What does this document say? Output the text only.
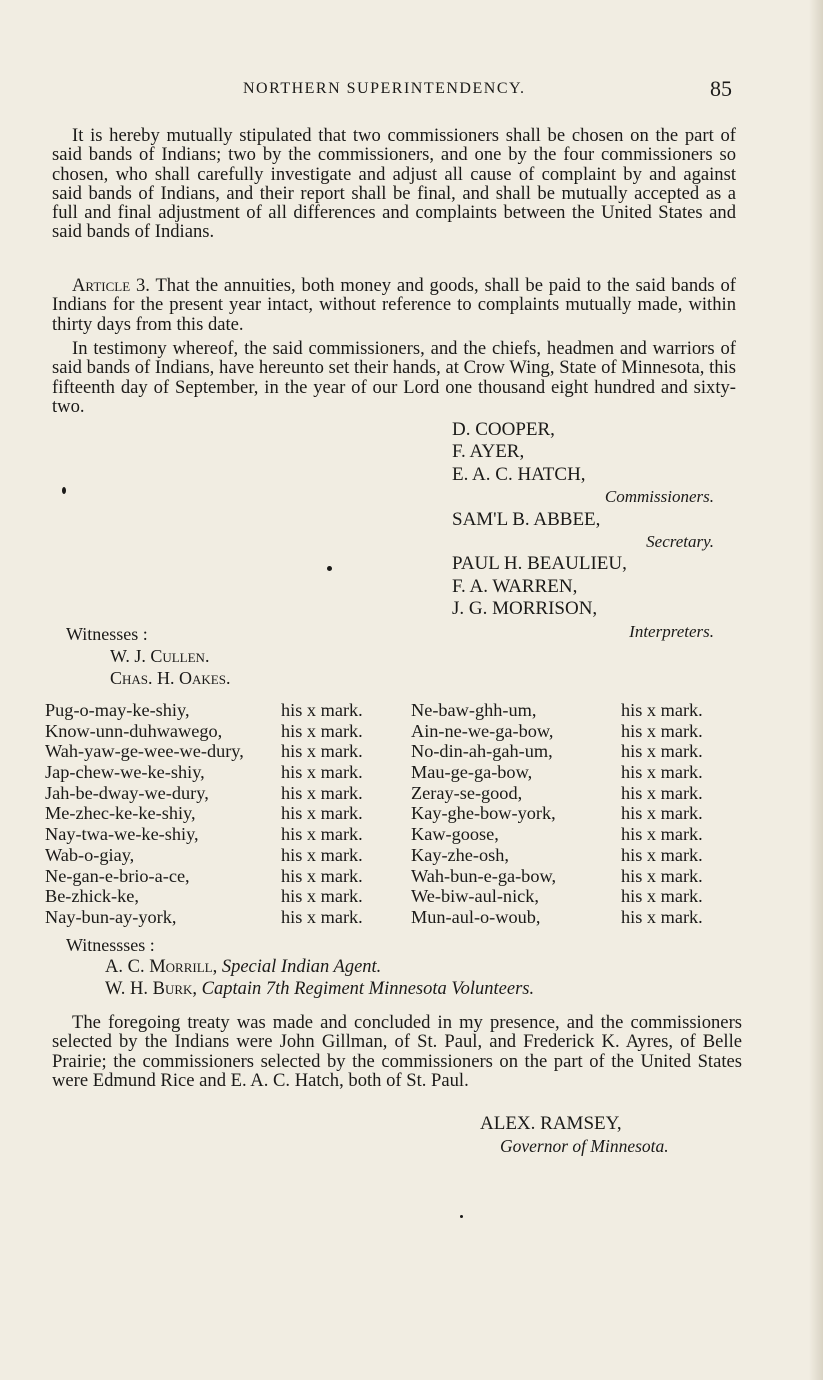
NORTHERN SUPERINTENDENCY.	85

It is hereby mutually stipulated that two commissioners shall be chosen on the part of said bands of Indians; two by the commissioners, and one by the four commissioners so chosen, who shall carefully investigate and adjust all cause of complaint by and against said bands of Indians, and their report shall be final, and shall be mutually accepted as a full and final adjustment of all differences and complaints between the United States and said bands of Indians.

Article 3. That the annuities, both money and goods, shall be paid to the said bands of Indians for the present year intact, without reference to complaints mutually made, within thirty days from this date.

In testimony whereof, the said commissioners, and the chiefs, headmen and warriors of said bands of Indians, have hereunto set their hands, at Crow Wing, State of Minnesota, this fifteenth day of September, in the year of our Lord one thousand eight hundred and sixty-two.

D. COOPER,
F. AYER,
E. A. C. HATCH,
Commissioners.
SAM'L B. ABBEE,
Secretary.
PAUL H. BEAULIEU,
F. A. WARREN,
J. G. MORRISON,
Interpreters.
Witnesses :
W. J. Cullen.
Chas. H. Oakes.
Pug-o-may-ke-shiy,	his x mark.	Ne-baw-ghh-um,	his x mark.
Know-unn-duhwawego,	his x mark.	Ain-ne-we-ga-bow,	his x mark.
Wah-yaw-ge-wee-we-dury, his x mark.	No-din-ah-gah-um,	his x mark.
Jap-chew-we-ke-shiy,	his x mark.	Mau-ge-ga-bow,	his x mark.
Jah-be-dway-we-dury,	his x mark.	Zeray-se-good,	his x mark.
Me-zhec-ke-ke-shiy,	his x mark.	Kay-ghe-bow-york,	his x mark.
Nay-twa-we-ke-shiy,	his x mark.	Kaw-goose,	his x mark.
Wab-o-giay,	his x mark.	Kay-zhe-osh,	his x mark.
Ne-gan-e-brio-a-ce,	his x mark.	Wah-bun-e-ga-bow,	his x mark.
Be-zhick-ke,	his x mark.	We-biw-aul-nick,	his x mark.
Nay-bun-ay-york,	his x mark.	Mun-aul-o-woub,	his x mark.
Witnessses :
A. C. Morrill, Special Indian Agent.
W. H. Burk, Captain 7th Regiment Minnesota Volunteers.

The foregoing treaty was made and concluded in my presence, and the commissioners selected by the Indians were John Gillman, of St. Paul, and Frederick K. Ayres, of Belle Prairie; the commissioners selected by the commissioners on the part of the United States were Edmund Rice and E. A. C. Hatch, both of St. Paul.

ALEX. RAMSEY,
Governor of Minnesota.
